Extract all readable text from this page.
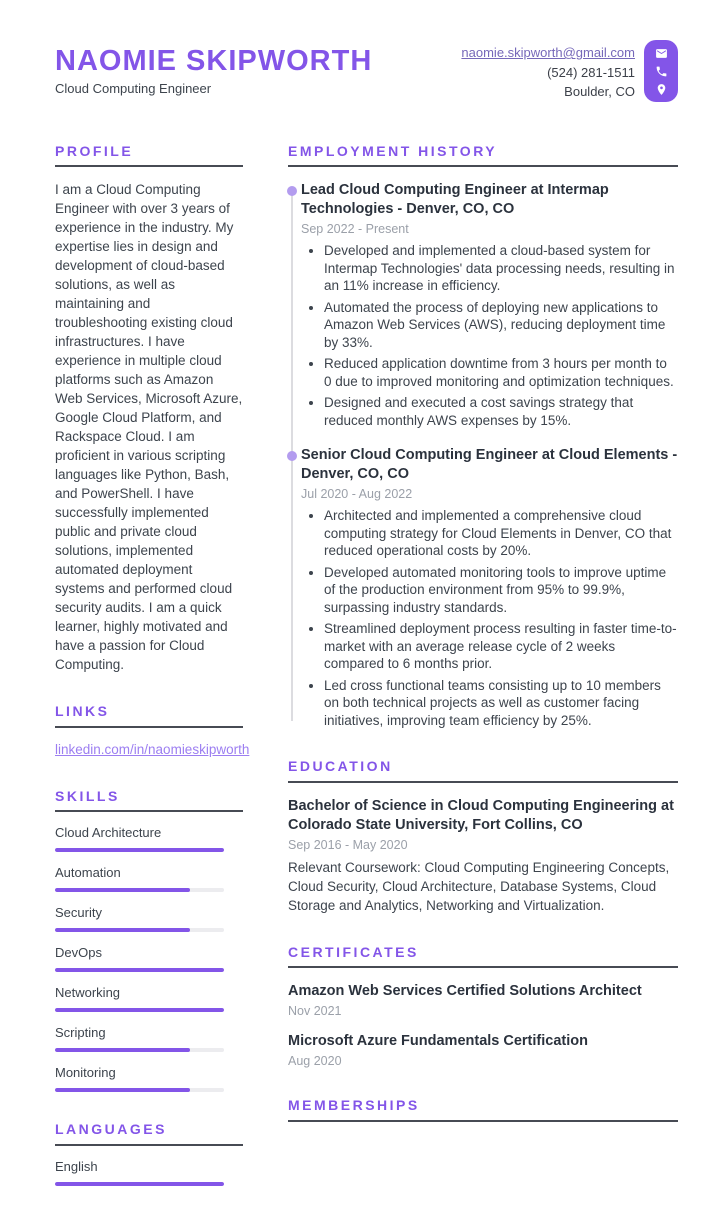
NAOMIE SKIPWORTH
Cloud Computing Engineer
naomie.skipworth@gmail.com
(524) 281-1511
Boulder, CO
PROFILE

I am a Cloud Computing Engineer with over 3 years of experience in the industry. My expertise lies in design and development of cloud-based solutions, as well as maintaining and troubleshooting existing cloud infrastructures. I have experience in multiple cloud platforms such as Amazon Web Services, Microsoft Azure, Google Cloud Platform, and Rackspace Cloud. I am proficient in various scripting languages like Python, Bash, and PowerShell. I have successfully implemented public and private cloud solutions, implemented automated deployment systems and performed cloud security audits. I am a quick learner, highly motivated and have a passion for Cloud Computing.

LINKS
linkedin.com/in/naomieskipworth
SKILLS
Cloud Architecture
Automation
Security
DevOps
Networking
Scripting
Monitoring
LANGUAGES
English
EMPLOYMENT HISTORY
Lead Cloud Computing Engineer at Intermap Technologies - Denver, CO, CO
Sep 2022 - Present
• Developed and implemented a cloud-based system for Intermap Technologies' data processing needs, resulting in an 11% increase in efficiency.
• Automated the process of deploying new applications to Amazon Web Services (AWS), reducing deployment time by 33%.
• Reduced application downtime from 3 hours per month to 0 due to improved monitoring and optimization techniques.
• Designed and executed a cost savings strategy that reduced monthly AWS expenses by 15%.
Senior Cloud Computing Engineer at Cloud Elements - Denver, CO, CO
Jul 2020 - Aug 2022
• Architected and implemented a comprehensive cloud computing strategy for Cloud Elements in Denver, CO that reduced operational costs by 20%.
• Developed automated monitoring tools to improve uptime of the production environment from 95% to 99.9%, surpassing industry standards.
• Streamlined deployment process resulting in faster time-to-market with an average release cycle of 2 weeks compared to 6 months prior.
• Led cross functional teams consisting up to 10 members on both technical projects as well as customer facing initiatives, improving team efficiency by 25%.
EDUCATION
Bachelor of Science in Cloud Computing Engineering at Colorado State University, Fort Collins, CO
Sep 2016 - May 2020

Relevant Coursework: Cloud Computing Engineering Concepts, Cloud Security, Cloud Architecture, Database Systems, Cloud Storage and Analytics, Networking and Virtualization.

CERTIFICATES
Amazon Web Services Certified Solutions Architect
Nov 2021
Microsoft Azure Fundamentals Certification
Aug 2020
MEMBERSHIPS
